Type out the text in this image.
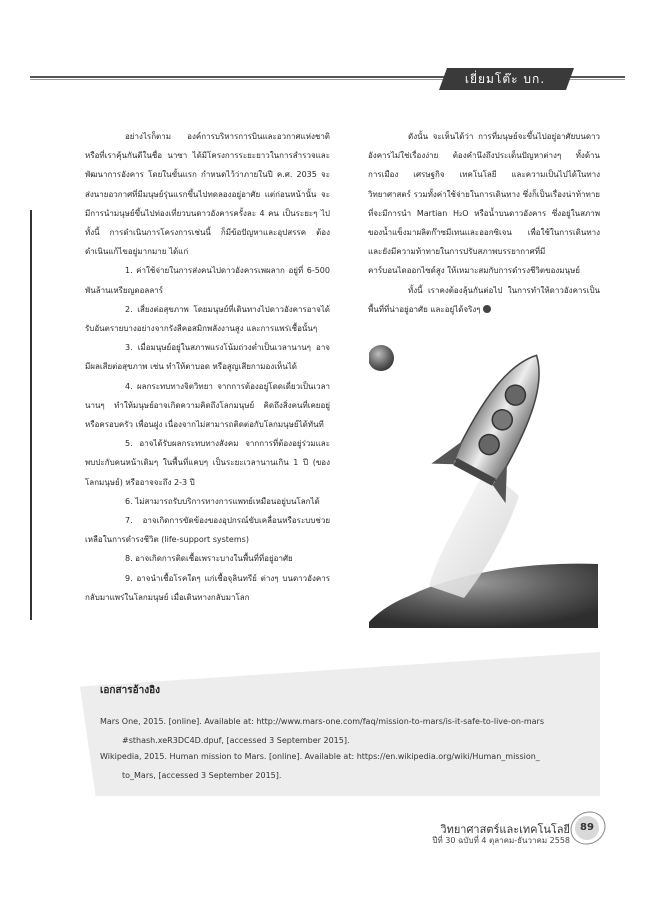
เยี่ยมโต๊ะ บก.

อย่างไรก็ตาม องค์การบริหารการบินและอวกาศแห่งชาติ หรือที่เราคุ้นกันดีในชื่อ นาซา ได้มีโครงการระยะยาวในการสำรวจและพัฒนาการอังคาร โดยในขั้นแรก กำหนดไว้ว่าภายในปี ค.ศ. 2035 จะส่งนายอวกาศที่มีมนุษย์รุ่นแรกขึ้นไปทดลองอยู่อาศัย แต่ก่อนหน้านั้น จะมีการนำมนุษย์ขึ้นไปท่องเที่ยวบนดาวอังคารครั้งละ 4 คน เป็นระยะๆ ไป ทั้งนี้ การดำเนินการโครงการเช่นนี้ ก็มีข้อปัญหาและอุปสรรค ต้องดำเนินแก้ไขอยู่มากมาย ได้แก่

1. ค่าใช้จ่ายในการส่งคนไปดาวอังคารเพผลาก อยู่ที่ 6-500 พันล้านเหรียญดอลลาร์

2. เสี่ยงต่อสุขภาพ โดยมนุษย์ที่เดินทางไปดาวอังคารอาจได้รับอันตรายบางอย่างจากรังสีคอสมิกพลังงานสูง และการแพร่เชื้อนั้นๆ

3. เมื่อมนุษย์อยู่ในสภาพแรงโน้มถ่วงต่ำเป็นเวลานานๆ อาจมีผลเสียต่อสุขภาพ เช่น ทำให้ตาบอด หรือสูญเสียกามองเห็นได้

4. ผลกระทบทางจิตวิทยา จากการต้องอยู่โดดเดี่ยวเป็นเวลานานๆ ทำให้มนุษย์อาจเกิดความคิดถึงโลกมนุษย์ คิดถึงสิ่งคนที่เคยอยู่ หรือครอบครัว เพื่อนฝูง เนื่องจากไม่สามารถติดต่อกับโลกมนุษย์ได้ทันที

5. อาจได้รับผลกระทบทางสังคม จากการที่ต้องอยู่ร่วมและพบปะกับคนหน้าเดิมๆ ในพื้นที่แคบๆ เป็นระยะเวลานานเกิน 1 ปี (ของโลกมนุษย์) หรืออาจจะถึง 2-3 ปี

6. ไม่สามารถรับบริการทางการแพทย์เหมือนอยู่บนโลกได้

7. อาจเกิดการขัดข้องของอุปกรณ์ขับเคลื่อนหรือระบบช่วยเหลือในการดำรงชีวิต (life-support systems)

8. อาจเกิดการติดเชื้อเพราะบางในพื้นที่ที่อยู่อาศัย

9. อาจนำเชื้อโรคใดๆ แก่เชื้อจุลินทรีย์ ต่างๆ บนดาวอังคารกลับมาแพร่ในโลกมนุษย์ เมื่อเดินทางกลับมาโลก

ดังนั้น จะเห็นได้ว่า การที่มนุษย์จะขึ้นไปอยู่อาศัยบนดาวอังคารไม่ใช่เรื่องง่าย ต้องคำนึงถึงประเด็นปัญหาต่างๆ ทั้งด้านการเมือง เศรษฐกิจ เทคโนโลยี และความเป็นไปได้ในทางวิทยาศาสตร์ รวมทั้งค่าใช้จ่ายในการเดินทาง ซึ่งก็เป็นเรื่องน่าท้าทายที่จะมีการนำ Martian H₂O หรือน้ำบนดาวอังคาร ซึ่งอยู่ในสภาพของน้ำแข็งมาผลิตก๊าซมีเทนและออกซิเจน เพื่อใช้ในการเดินทาง และยังมีความท้าทายในการปรับสภาพบรรยากาศที่มีคาร์บอนไดออกไซด์สูง ให้เหมาะสมกับการดำรงชีวิตของมนุษย์

ทั้งนี้ เราคงต้องลุ้นกันต่อไป ในการทำให้ดาวอังคารเป็นพื้นที่ที่น่าอยู่อาศัย และอยู่ได้จริงๆ

เอกสารอ้างอิง
Mars One, 2015. [online]. Available at: http://www.mars-one.com/faq/mission-to-mars/is-it-safe-to-live-on-mars
#sthash.xeR3DC4D.dpuf, [accessed 3 September 2015].
Wikipedia, 2015. Human mission to Mars. [online]. Available at: https://en.wikipedia.org/wiki/Human_mission_
to_Mars, [accessed 3 September 2015].
วิทยาศาสตร์และเทคโนโลยี
ปีที่ 30 ฉบับที่ 4 ตุลาคม-ธันวาคม 2558
89
